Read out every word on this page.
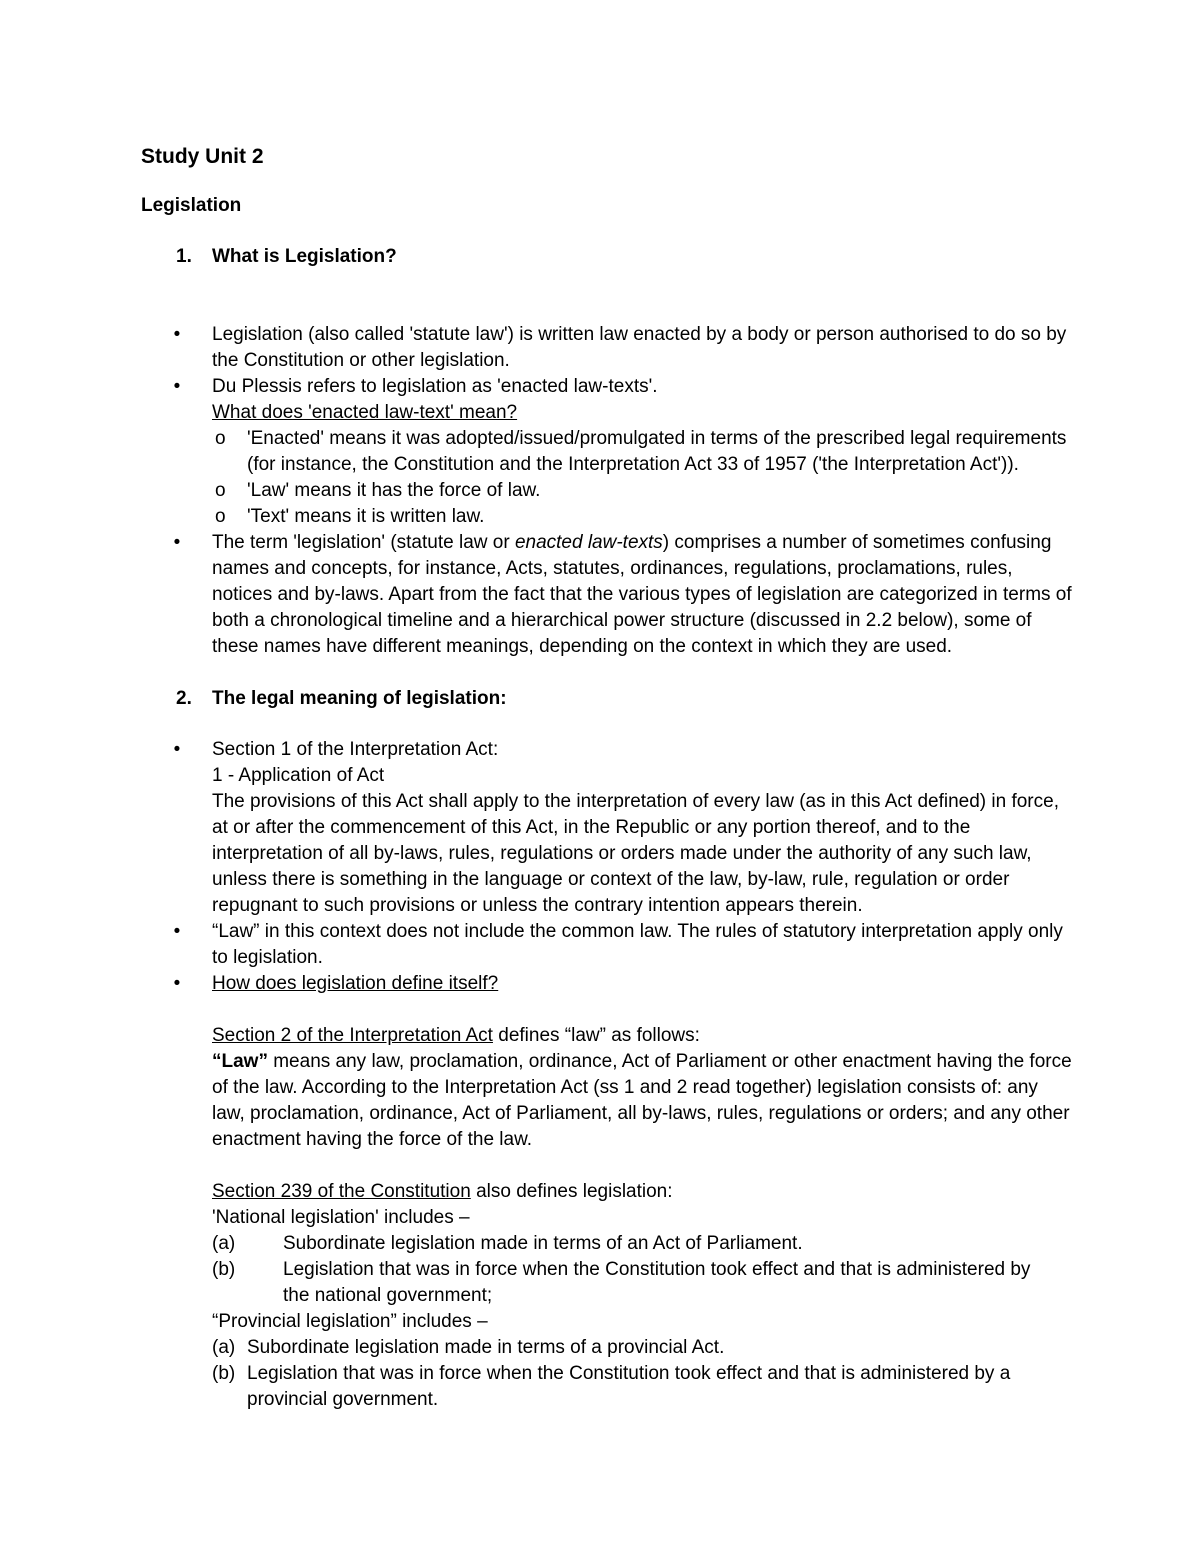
Study Unit 2
Legislation
1. What is Legislation?
• Legislation (also called 'statute law') is written law enacted by a body or person authorised to do so by the Constitution or other legislation.
• Du Plessis refers to legislation as 'enacted law-texts'.
What does 'enacted law-text' mean?
o 'Enacted' means it was adopted/issued/promulgated in terms of the prescribed legal requirements (for instance, the Constitution and the Interpretation Act 33 of 1957 ('the Interpretation Act')).
o 'Law' means it has the force of law.
o 'Text' means it is written law.
• The term 'legislation' (statute law or enacted law-texts) comprises a number of sometimes confusing names and concepts, for instance, Acts, statutes, ordinances, regulations, proclamations, rules, notices and by-laws. Apart from the fact that the various types of legislation are categorized in terms of both a chronological timeline and a hierarchical power structure (discussed in 2.2 below), some of these names have different meanings, depending on the context in which they are used.
2. The legal meaning of legislation:
• Section 1 of the Interpretation Act:
1 - Application of Act
The provisions of this Act shall apply to the interpretation of every law (as in this Act defined) in force, at or after the commencement of this Act, in the Republic or any portion thereof, and to the interpretation of all by-laws, rules, regulations or orders made under the authority of any such law, unless there is something in the language or context of the law, by-law, rule, regulation or order repugnant to such provisions or unless the contrary intention appears therein.
• “Law” in this context does not include the common law. The rules of statutory interpretation apply only to legislation.
• How does legislation define itself?
Section 2 of the Interpretation Act defines “law” as follows:
“Law” means any law, proclamation, ordinance, Act of Parliament or other enactment having the force of the law. According to the Interpretation Act (ss 1 and 2 read together) legislation consists of: any law, proclamation, ordinance, Act of Parliament, all by-laws, rules, regulations or orders; and any other enactment having the force of the law.
Section 239 of the Constitution also defines legislation:
'National legislation' includes –
(a)	Subordinate legislation made in terms of an Act of Parliament.
(b)	Legislation that was in force when the Constitution took effect and that is administered by the national government;
“Provincial legislation” includes –
(a) Subordinate legislation made in terms of a provincial Act.
(b) Legislation that was in force when the Constitution took effect and that is administered by a provincial government.
